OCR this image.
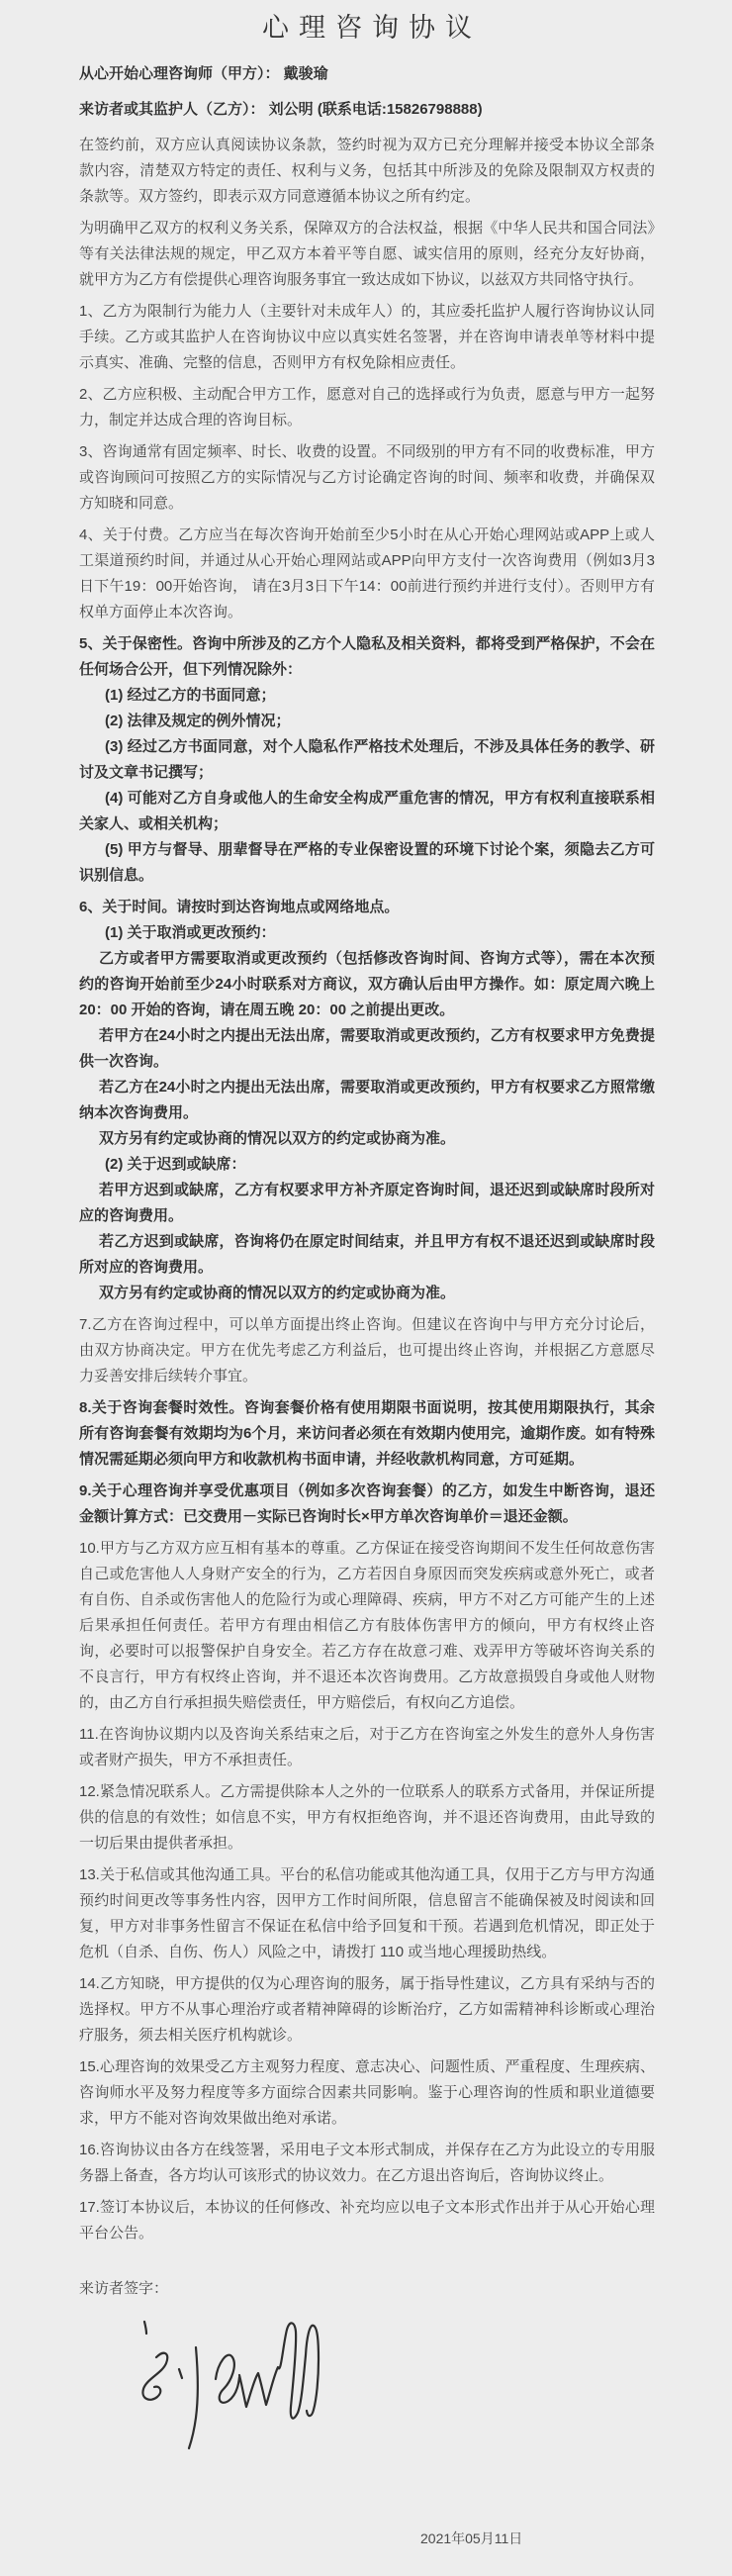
心理咨询协议

从心开始心理咨询师（甲方）： 戴骏瑜

来访者或其监护人（乙方）： 刘公明 (联系电话:15826798888)

在签约前，双方应认真阅读协议条款，签约时视为双方已充分理解并接受本协议全部条款内容，清楚双方特定的责任、权利与义务，包括其中所涉及的免除及限制双方权责的条款等。双方签约，即表示双方同意遵循本协议之所有约定。
为明确甲乙双方的权利义务关系，保障双方的合法权益，根据《中华人民共和国合同法》等有关法律法规的规定，甲乙双方本着平等自愿、诚实信用的原则，经充分友好协商，就甲方为乙方有偿提供心理咨询服务事宜一致达成如下协议，以兹双方共同恪守执行。
1、乙方为限制行为能力人（主要针对未成年人）的，其应委托监护人履行咨询协议认同手续。乙方或其监护人在咨询协议中应以真实姓名签署，并在咨询申请表单等材料中提示真实、准确、完整的信息，否则甲方有权免除相应责任。
2、乙方应积极、主动配合甲方工作，愿意对自己的选择或行为负责，愿意与甲方一起努力，制定并达成合理的咨询目标。
3、咨询通常有固定频率、时长、收费的设置。不同级别的甲方有不同的收费标准，甲方或咨询顾问可按照乙方的实际情况与乙方讨论确定咨询的时间、频率和收费，并确保双方知晓和同意。
4、关于付费。乙方应当在每次咨询开始前至少5小时在从心开始心理网站或APP上或人工渠道预约时间，并通过从心开始心理网站或APP向甲方支付一次咨询费用（例如3月3日下午19：00开始咨询， 请在3月3日下午14：00前进行预约并进行支付）。否则甲方有权单方面停止本次咨询。
5、关于保密性。咨询中所涉及的乙方个人隐私及相关资料，都将受到严格保护，不会在任何场合公开，但下列情况除外：
(1) 经过乙方的书面同意；
(2) 法律及规定的例外情况；
(3) 经过乙方书面同意，对个人隐私作严格技术处理后，不涉及具体任务的教学、研讨及文章书记撰写；
(4) 可能对乙方自身或他人的生命安全构成严重危害的情况，甲方有权利直接联系相关家人、或相关机构；
(5) 甲方与督导、朋辈督导在严格的专业保密设置的环境下讨论个案，须隐去乙方可识别信息。
6、关于时间。请按时到达咨询地点或网络地点。
(1) 关于取消或更改预约：
乙方或者甲方需要取消或更改预约（包括修改咨询时间、咨询方式等），需在本次预约的咨询开始前至少24小时联系对方商议，双方确认后由甲方操作。如：原定周六晚上20：00 开始的咨询，请在周五晚 20：00 之前提出更改。
若甲方在24小时之内提出无法出席，需要取消或更改预约，乙方有权要求甲方免费提供一次咨询。
若乙方在24小时之内提出无法出席，需要取消或更改预约，甲方有权要求乙方照常缴纳本次咨询费用。
双方另有约定或协商的情况以双方的约定或协商为准。
(2) 关于迟到或缺席：
若甲方迟到或缺席，乙方有权要求甲方补齐原定咨询时间，退还迟到或缺席时段所对应的咨询费用。
若乙方迟到或缺席，咨询将仍在原定时间结束，并且甲方有权不退还迟到或缺席时段所对应的咨询费用。
双方另有约定或协商的情况以双方的约定或协商为准。
7.乙方在咨询过程中，可以单方面提出终止咨询。但建议在咨询中与甲方充分讨论后，由双方协商决定。甲方在优先考虑乙方利益后，也可提出终止咨询，并根据乙方意愿尽力妥善安排后续转介事宜。
8.关于咨询套餐时效性。咨询套餐价格有使用期限书面说明，按其使用期限执行，其余所有咨询套餐有效期均为6个月，来访问者必须在有效期内使用完，逾期作废。如有特殊情况需延期必须向甲方和收款机构书面申请，并经收款机构同意，方可延期。
9.关于心理咨询并享受优惠项目（例如多次咨询套餐）的乙方，如发生中断咨询，退还金额计算方式：已交费用－实际已咨询时长×甲方单次咨询单价＝退还金额。
10.甲方与乙方双方应互相有基本的尊重。乙方保证在接受咨询期间不发生任何故意伤害自己或危害他人人身财产安全的行为，乙方若因自身原因而突发疾病或意外死亡，或者有自伤、自杀或伤害他人的危险行为或心理障碍、疾病，甲方不对乙方可能产生的上述后果承担任何责任。若甲方有理由相信乙方有肢体伤害甲方的倾向，甲方有权终止咨询，必要时可以报警保护自身安全。若乙方存在故意刁难、戏弄甲方等破坏咨询关系的不良言行，甲方有权终止咨询，并不退还本次咨询费用。乙方故意损毁自身或他人财物的，由乙方自行承担损失赔偿责任，甲方赔偿后，有权向乙方追偿。
11.在咨询协议期内以及咨询关系结束之后，对于乙方在咨询室之外发生的意外人身伤害或者财产损失，甲方不承担责任。
12.紧急情况联系人。乙方需提供除本人之外的一位联系人的联系方式备用，并保证所提供的信息的有效性；如信息不实，甲方有权拒绝咨询，并不退还咨询费用，由此导致的一切后果由提供者承担。
13.关于私信或其他沟通工具。平台的私信功能或其他沟通工具，仅用于乙方与甲方沟通预约时间更改等事务性内容，因甲方工作时间所限，信息留言不能确保被及时阅读和回复，甲方对非事务性留言不保证在私信中给予回复和干预。若遇到危机情况，即正处于危机（自杀、自伤、伤人）风险之中，请拨打 110 或当地心理援助热线。
14.乙方知晓，甲方提供的仅为心理咨询的服务，属于指导性建议，乙方具有采纳与否的选择权。甲方不从事心理治疗或者精神障碍的诊断治疗，乙方如需精神科诊断或心理治疗服务，须去相关医疗机构就诊。
15.心理咨询的效果受乙方主观努力程度、意志决心、问题性质、严重程度、生理疾病、咨询师水平及努力程度等多方面综合因素共同影响。鉴于心理咨询的性质和职业道德要求，甲方不能对咨询效果做出绝对承诺。
16.咨询协议由各方在线签署，采用电子文本形式制成，并保存在乙方为此设立的专用服务器上备查，各方均认可该形式的协议效力。在乙方退出咨询后，咨询协议终止。
17.签订本协议后，本协议的任何修改、补充均应以电子文本形式作出并于从心开始心理平台公告。

来访者签字：

2021年05月11日
